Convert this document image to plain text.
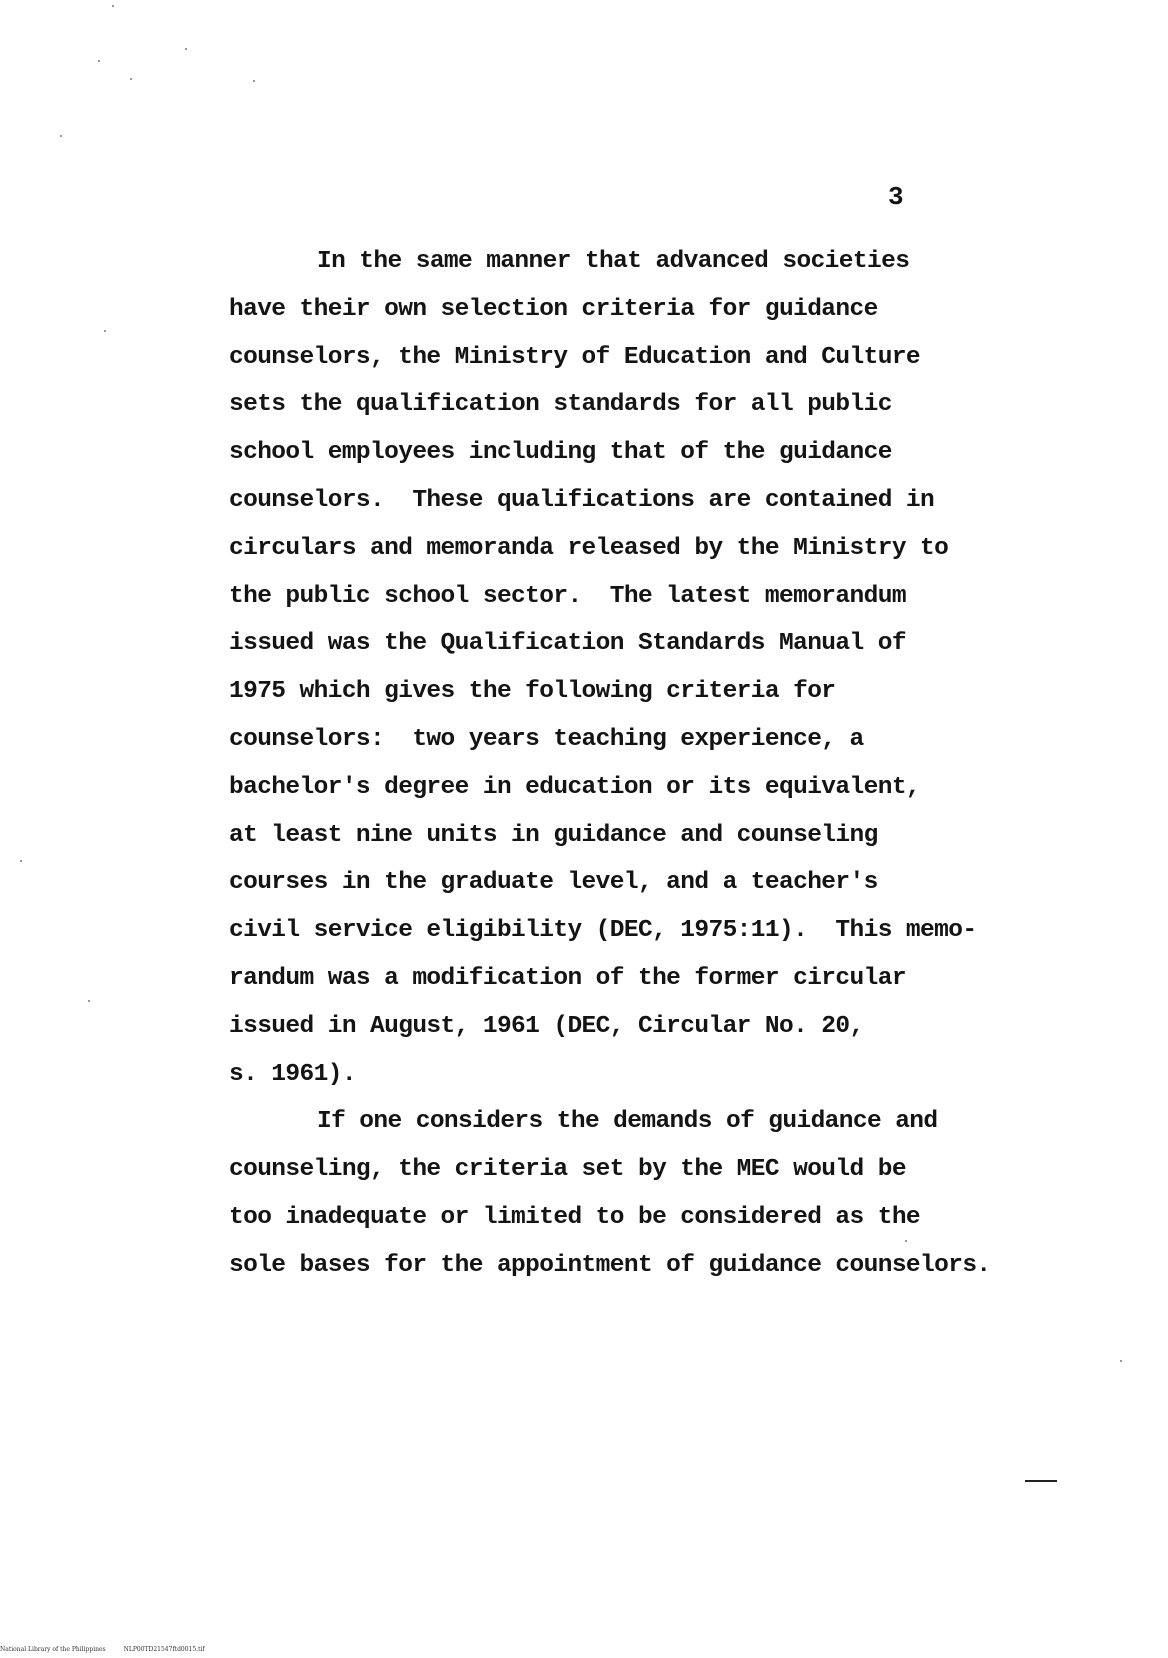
3
In the same manner that advanced societies
have their own selection criteria for guidance
counselors, the Ministry of Education and Culture
sets the qualification standards for all public
school employees including that of the guidance
counselors.  These qualifications are contained in
circulars and memoranda released by the Ministry to
the public school sector.  The latest memorandum
issued was the Qualification Standards Manual of
1975 which gives the following criteria for
counselors:  two years teaching experience, a
bachelor's degree in education or its equivalent,
at least nine units in guidance and counseling
courses in the graduate level, and a teacher's
civil service eligibility (DEC, 1975:11).  This memo-
randum was a modification of the former circular
issued in August, 1961 (DEC, Circular No. 20,
s. 1961).
If one considers the demands of guidance and
counseling, the criteria set by the MEC would be
too inadequate or limited to be considered as the
sole bases for the appointment of guidance counselors.
National Library of the Philippines	NLP00TD21547ftd0015.tif
